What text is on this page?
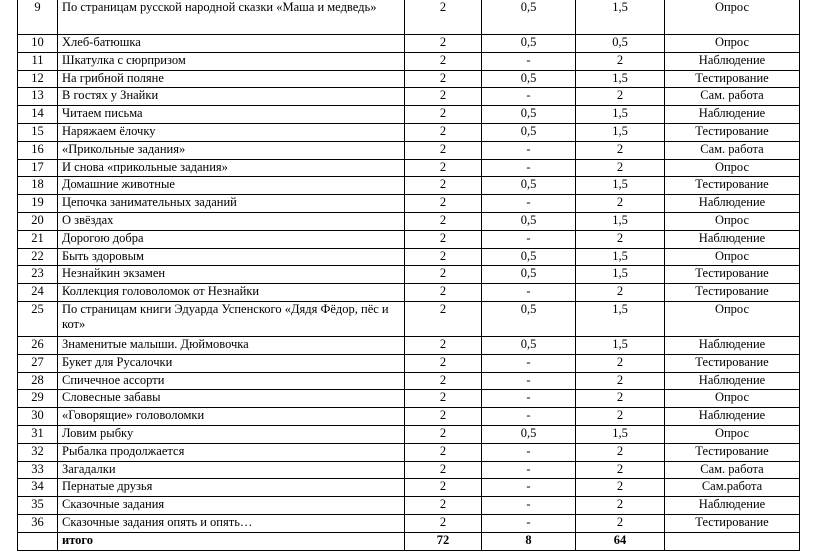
9	По страницам русской народной сказки «Маша и медведь»	2	0,5	1,5	Опрос
10	Хлеб-батюшка	2	0,5	0,5	Опрос
11	Шкатулка с сюрпризом	2	-	2	Наблюдение
12	На грибной поляне	2	0,5	1,5	Тестирование
13	В гостях у Знайки	2	-	2	Сам. работа
14	Читаем письма	2	0,5	1,5	Наблюдение
15	Наряжаем ёлочку	2	0,5	1,5	Тестирование
16	«Прикольные задания»	2	-	2	Сам. работа
17	И снова «прикольные задания»	2	-	2	Опрос
18	Домашние животные	2	0,5	1,5	Тестирование
19	Цепочка занимательных заданий	2	-	2	Наблюдение
20	О звёздах	2	0,5	1,5	Опрос
21	Дорогою добра	2	-	2	Наблюдение
22	Быть здоровым	2	0,5	1,5	Опрос
23	Незнайкин экзамен	2	0,5	1,5	Тестирование
24	Коллекция головоломок от Незнайки	2	-	2	Тестирование
25	По страницам книги Эдуарда Успенского «Дядя Фёдор, пёс и кот»	2	0,5	1,5	Опрос
26	Знаменитые малыши. Дюймовочка	2	0,5	1,5	Наблюдение
27	Букет для Русалочки	2	-	2	Тестирование
28	Спичечное ассорти	2	-	2	Наблюдение
29	Словесные забавы	2	-	2	Опрос
30	«Говорящие» головоломки	2	-	2	Наблюдение
31	Ловим рыбку	2	0,5	1,5	Опрос
32	Рыбалка продолжается	2	-	2	Тестирование
33	Загадалки	2	-	2	Сам. работа
34	Пернатые друзья	2	-	2	Сам.работа
35	Сказочные задания	2	-	2	Наблюдение
36	Сказочные задания опять и опять…	2	-	2	Тестирование
	итого	72	8	64	
